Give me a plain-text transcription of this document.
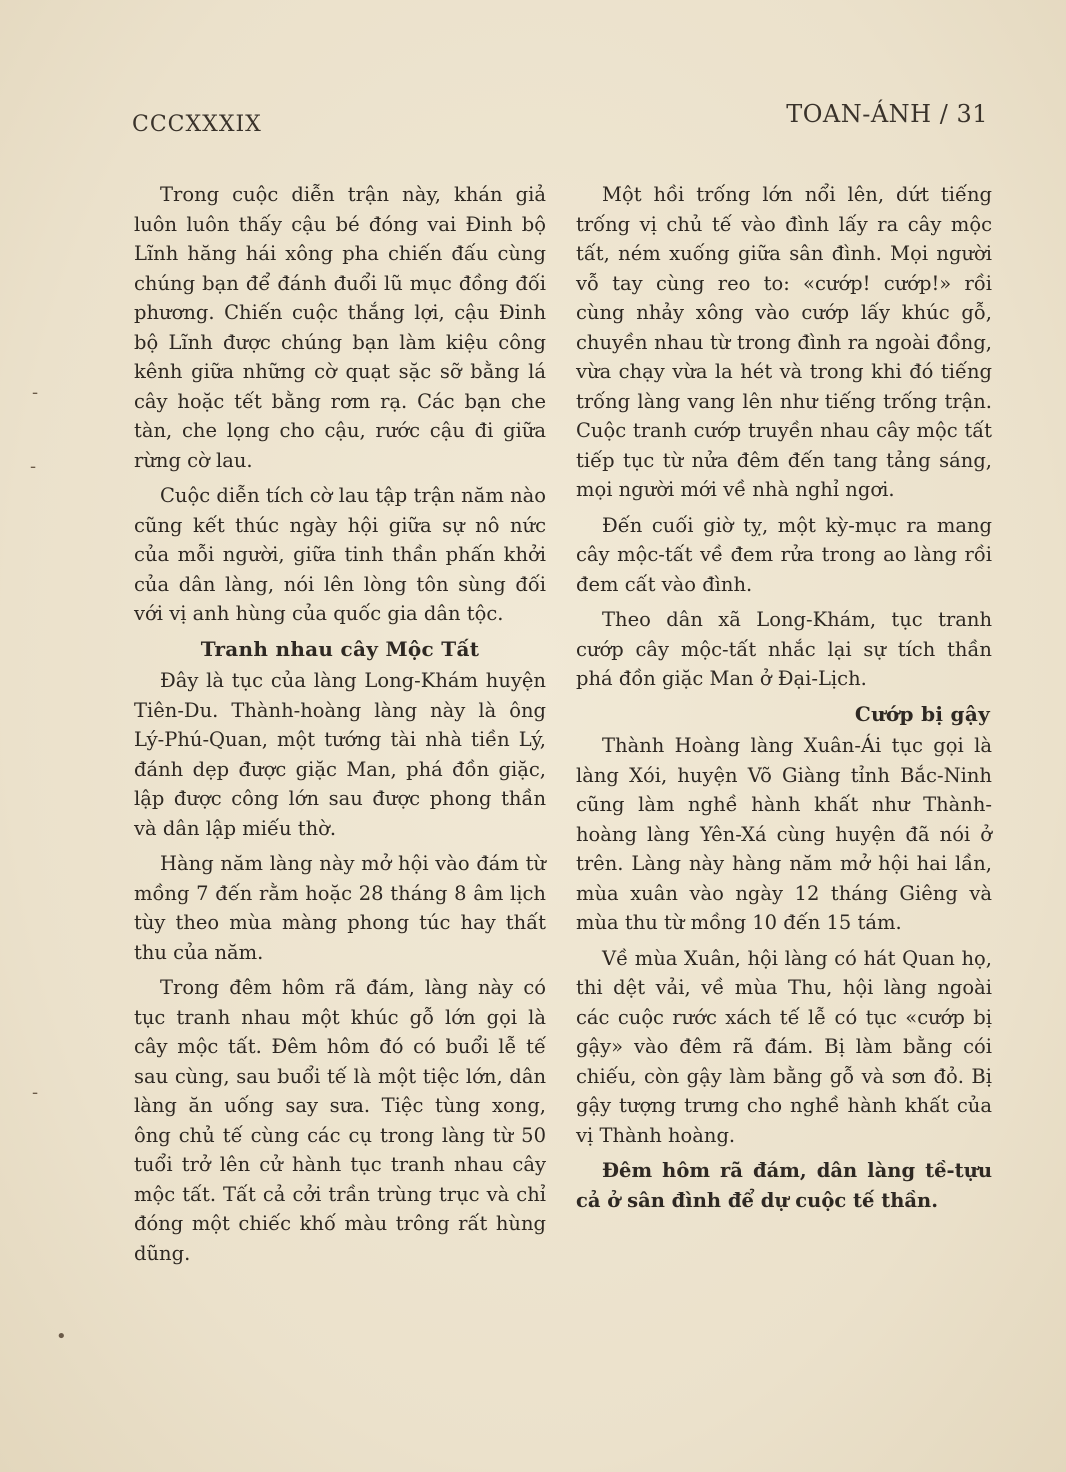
CCCXXXIX	TOAN-ÁNH / 31

Trong cuộc diễn trận này, khán giả luôn luôn thấy cậu bé đóng vai Đinh bộ Lĩnh hăng hái xông pha chiến đấu cùng chúng bạn để đánh đuổi lũ mục đồng đối phương. Chiến cuộc thắng lợi, cậu Đinh bộ Lĩnh được chúng bạn làm kiệu công kênh giữa những cờ quạt sặc sỡ bằng lá cây hoặc tết bằng rơm rạ. Các bạn che tàn, che lọng cho cậu, rước cậu đi giữa rừng cờ lau.

Cuộc diễn tích cờ lau tập trận năm nào cũng kết thúc ngày hội giữa sự nô nức của mỗi người, giữa tinh thần phấn khởi của dân làng, nói lên lòng tôn sùng đối với vị anh hùng của quốc gia dân tộc.

Tranh nhau cây Mộc Tất

Đây là tục của làng Long-Khám huyện Tiên-Du. Thành-hoàng làng này là ông Lý-Phú-Quan, một tướng tài nhà tiền Lý, đánh dẹp được giặc Man, phá đồn giặc, lập được công lớn sau được phong thần và dân lập miếu thờ.

Hàng năm làng này mở hội vào đám từ mồng 7 đến rằm hoặc 28 tháng 8 âm lịch tùy theo mùa màng phong túc hay thất thu của năm.

Trong đêm hôm rã đám, làng này có tục tranh nhau một khúc gỗ lớn gọi là cây mộc tất. Đêm hôm đó có buổi lễ tế sau cùng, sau buổi tế là một tiệc lớn, dân làng ăn uống say sưa. Tiệc tùng xong, ông chủ tế cùng các cụ trong làng từ 50 tuổi trở lên cử hành tục tranh nhau cây mộc tất. Tất cả cởi trần trùng trục và chỉ đóng một chiếc khố màu trông rất hùng dũng.

Một hồi trống lớn nổi lên, dứt tiếng trống vị chủ tế vào đình lấy ra cây mộc tất, ném xuống giữa sân đình. Mọi người vỗ tay cùng reo to: «cướp! cướp!» rồi cùng nhảy xông vào cướp lấy khúc gỗ, chuyền nhau từ trong đình ra ngoài đồng, vừa chạy vừa la hét và trong khi đó tiếng trống làng vang lên như tiếng trống trận. Cuộc tranh cướp truyền nhau cây mộc tất tiếp tục từ nửa đêm đến tang tảng sáng, mọi người mới về nhà nghỉ ngơi.

Đến cuối giờ tỵ, một kỳ-mục ra mang cây mộc-tất về đem rửa trong ao làng rồi đem cất vào đình.

Theo dân xã Long-Khám, tục tranh cướp cây mộc-tất nhắc lại sự tích thần phá đồn giặc Man ở Đại-Lịch.

Cướp bị gậy

Thành Hoàng làng Xuân-Ái tục gọi là làng Xói, huyện Võ Giàng tỉnh Bắc-Ninh cũng làm nghề hành khất như Thành-hoàng làng Yên-Xá cùng huyện đã nói ở trên. Làng này hàng năm mở hội hai lần, mùa xuân vào ngày 12 tháng Giêng và mùa thu từ mồng 10 đến 15 tám.

Về mùa Xuân, hội làng có hát Quan họ, thi dệt vải, về mùa Thu, hội làng ngoài các cuộc rước xách tế lễ có tục «cướp bị gậy» vào đêm rã đám. Bị làm bằng cói chiếu, còn gậy làm bằng gỗ và sơn đỏ. Bị gậy tượng trưng cho nghề hành khất của vị Thành hoàng.

Đêm hôm rã đám, dân làng tề-tựu cả ở sân đình để dự cuộc tế thần.

-
-
-
•
